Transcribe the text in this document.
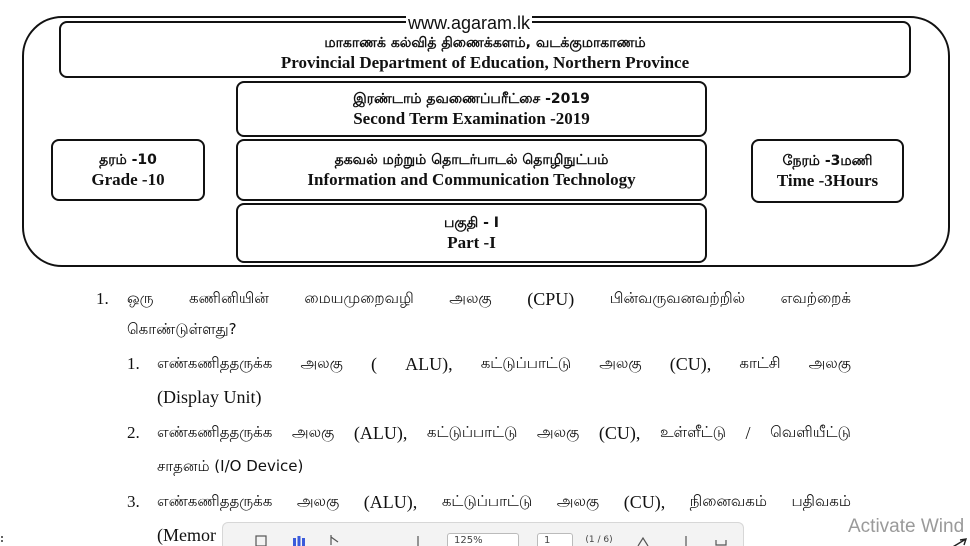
மாகாணக் கல்வித் திணைக்களம், வடக்குமாகாணம்
Provincial Department of Education, Northern Province
www.agaram.lk
இரண்டாம் தவணைப்பரீட்சை -2019
Second Term Examination -2019
தரம் -10
Grade -10
தகவல் மற்றும் தொடர்பாடல் தொழிநுட்பம்
Information and Communication Technology
நேரம் -3மணி
Time -3Hours
பகுதி - I
Part -I
1. ஒரு கணினியின் மையமுறைவழி அலகு (CPU) பின்வருவனவற்றில் எவற்றைக்
கொண்டுள்ளது?
1. எண்கணிததருக்க அலகு ( ALU), கட்டுப்பாட்டு அலகு (CU), காட்சி அலகு
(Display Unit)
2. எண்கணிததருக்க அலகு (ALU), கட்டுப்பாட்டு அலகு (CU), உள்ளீட்டு / வெளியீட்டு
சாதனம் (I/O Device)
3. எண்கணிததருக்க அலகு (ALU), கட்டுப்பாட்டு அலகு (CU), நினைவகம் பதிவகம்
(Memor	125%	1	(1 / 6)
Activate Wind
